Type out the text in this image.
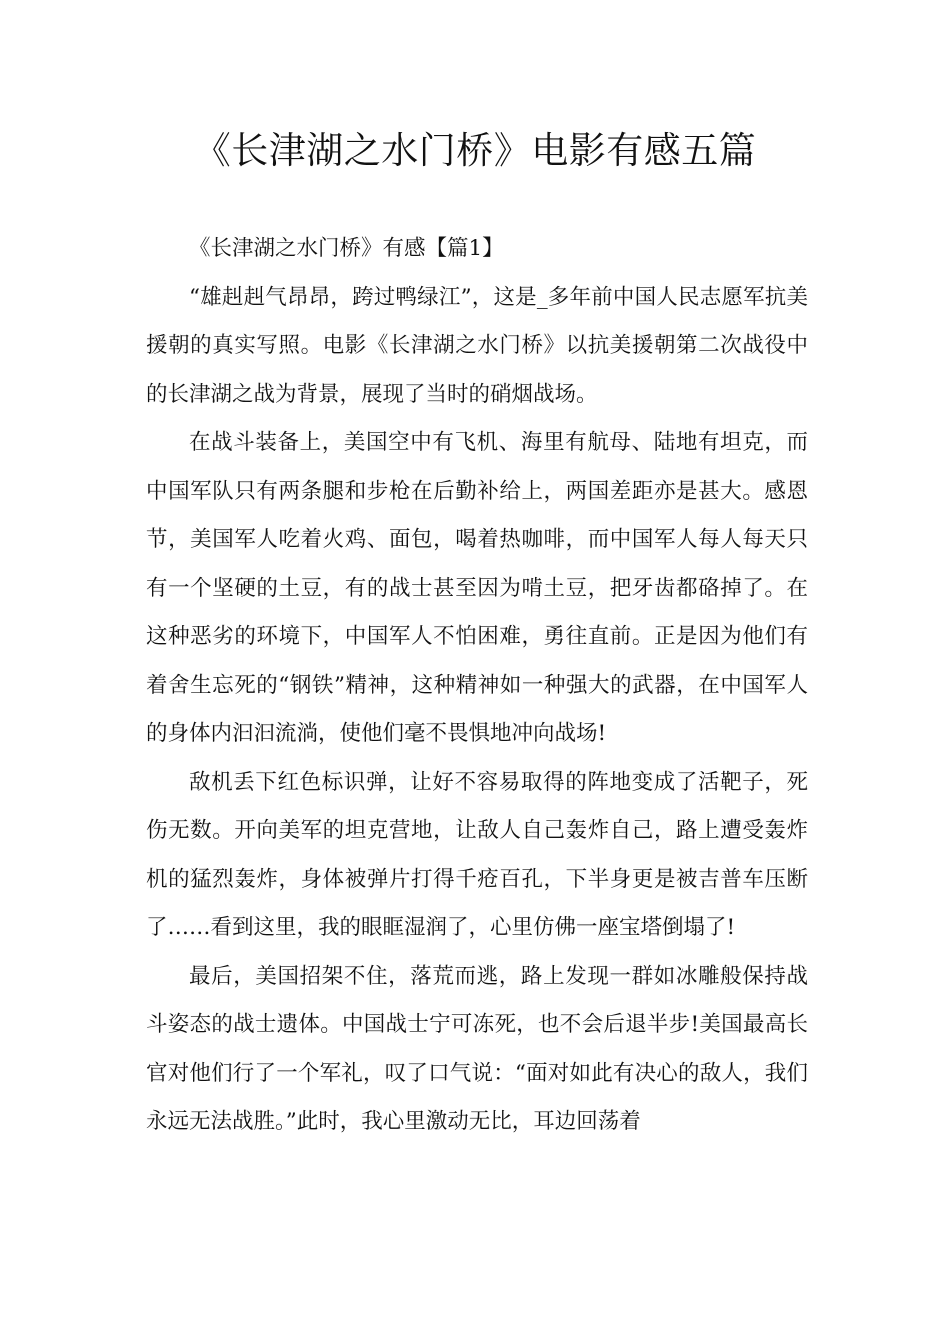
《长津湖之水门桥》电影有感五篇

《长津湖之水门桥》有感【篇1】

“雄赳赳气昂昂，跨过鸭绿江”，这是_多年前中国人民志愿军抗美援朝的真实写照。电影《长津湖之水门桥》以抗美援朝第二次战役中的长津湖之战为背景，展现了当时的硝烟战场。

在战斗装备上，美国空中有飞机、海里有航母、陆地有坦克，而中国军队只有两条腿和步枪在后勤补给上，两国差距亦是甚大。感恩节，美国军人吃着火鸡、面包，喝着热咖啡，而中国军人每人每天只有一个坚硬的土豆，有的战士甚至因为啃土豆，把牙齿都硌掉了。在这种恶劣的环境下，中国军人不怕困难，勇往直前。正是因为他们有着舍生忘死的“钢铁”精神，这种精神如一种强大的武器，在中国军人的身体内汩汩流淌，使他们毫不畏惧地冲向战场!

敌机丢下红色标识弹，让好不容易取得的阵地变成了活靶子，死伤无数。开向美军的坦克营地，让敌人自己轰炸自己，路上遭受轰炸机的猛烈轰炸，身体被弹片打得千疮百孔，下半身更是被吉普车压断了……看到这里，我的眼眶湿润了，心里仿佛一座宝塔倒塌了!

最后，美国招架不住，落荒而逃，路上发现一群如冰雕般保持战斗姿态的战士遗体。中国战士宁可冻死，也不会后退半步!美国最高长官对他们行了一个军礼，叹了口气说：“面对如此有决心的敌人，我们永远无法战胜。”此时，我心里激动无比，耳边回荡着
